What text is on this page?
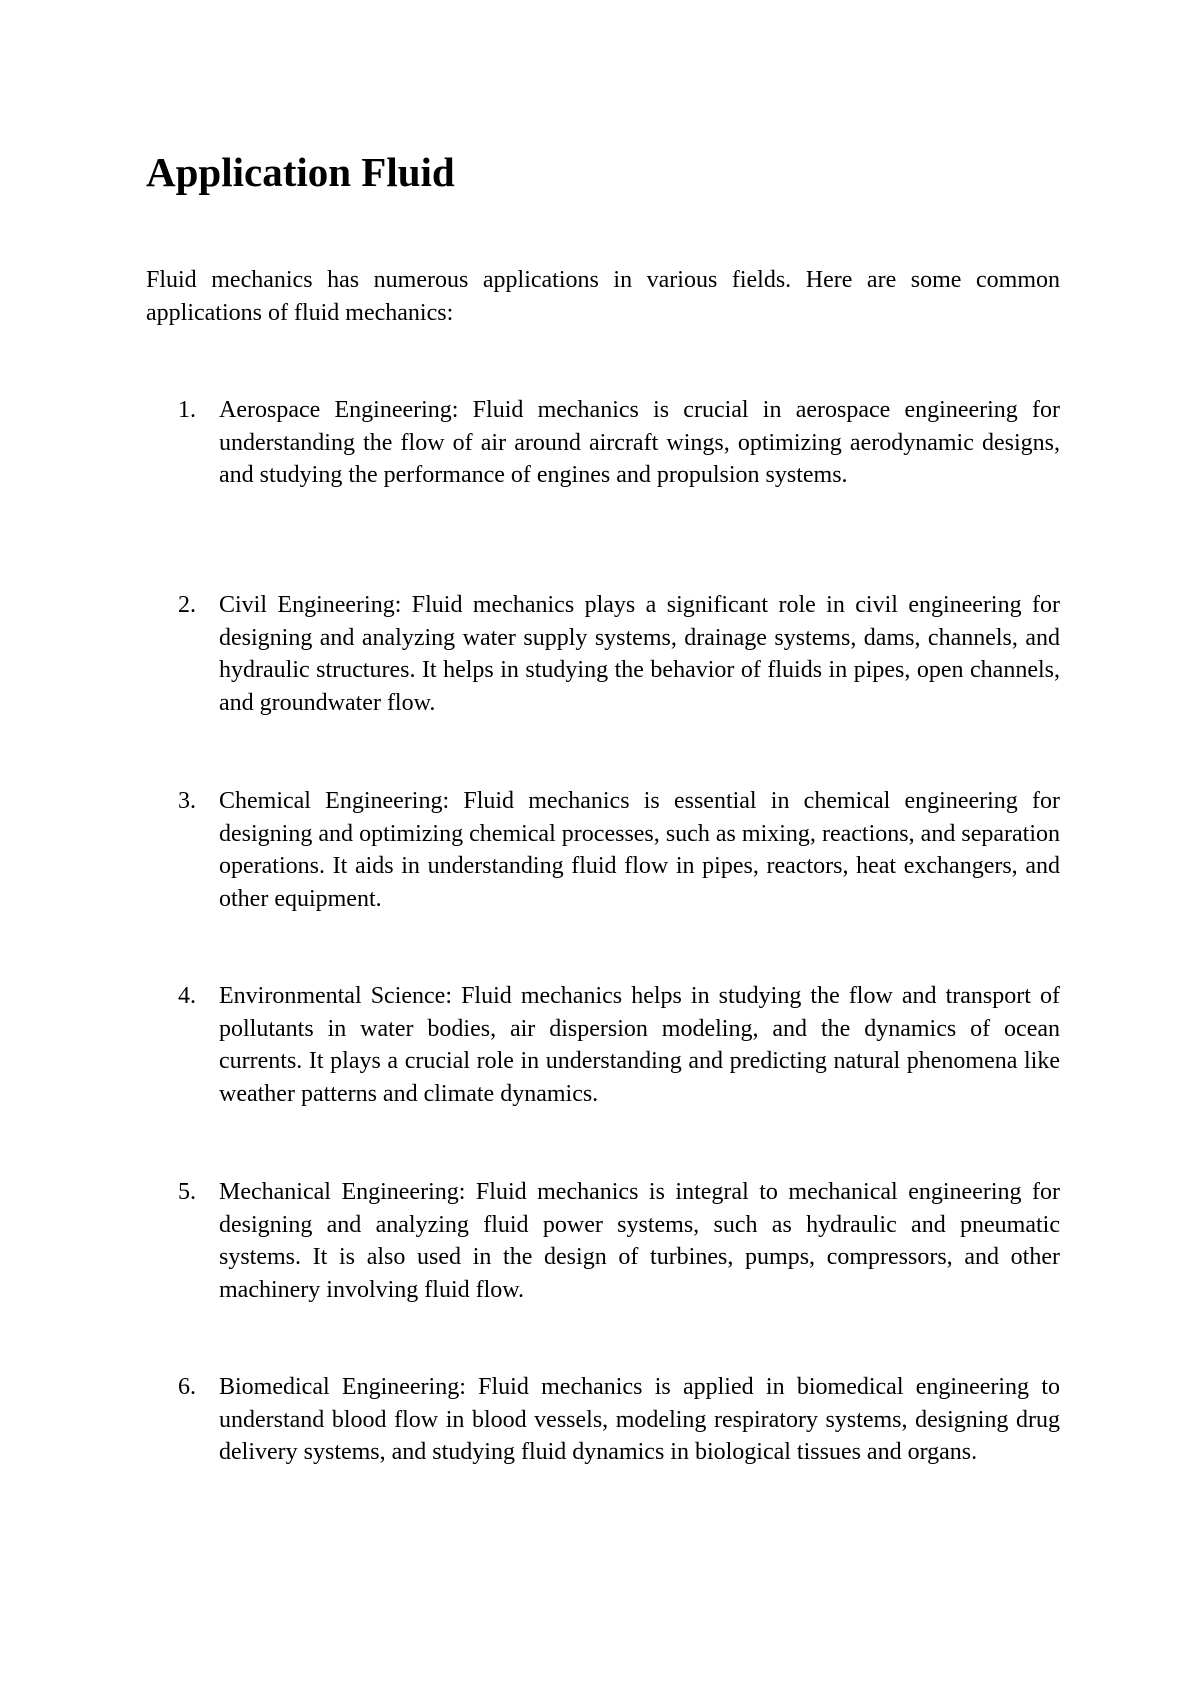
Application Fluid

Fluid mechanics has numerous applications in various fields. Here are some common applications of fluid mechanics:

1. Aerospace Engineering: Fluid mechanics is crucial in aerospace engineering for understanding the flow of air around aircraft wings, optimizing aerodynamic designs, and studying the performance of engines and propulsion systems.

2. Civil Engineering: Fluid mechanics plays a significant role in civil engineering for designing and analyzing water supply systems, drainage systems, dams, channels, and hydraulic structures. It helps in studying the behavior of fluids in pipes, open channels, and groundwater flow.

3. Chemical Engineering: Fluid mechanics is essential in chemical engineering for designing and optimizing chemical processes, such as mixing, reactions, and separation operations. It aids in understanding fluid flow in pipes, reactors, heat exchangers, and other equipment.

4. Environmental Science: Fluid mechanics helps in studying the flow and transport of pollutants in water bodies, air dispersion modeling, and the dynamics of ocean currents. It plays a crucial role in understanding and predicting natural phenomena like weather patterns and climate dynamics.

5. Mechanical Engineering: Fluid mechanics is integral to mechanical engineering for designing and analyzing fluid power systems, such as hydraulic and pneumatic systems. It is also used in the design of turbines, pumps, compressors, and other machinery involving fluid flow.

6. Biomedical Engineering: Fluid mechanics is applied in biomedical engineering to understand blood flow in blood vessels, modeling respiratory systems, designing drug delivery systems, and studying fluid dynamics in biological tissues and organs.
